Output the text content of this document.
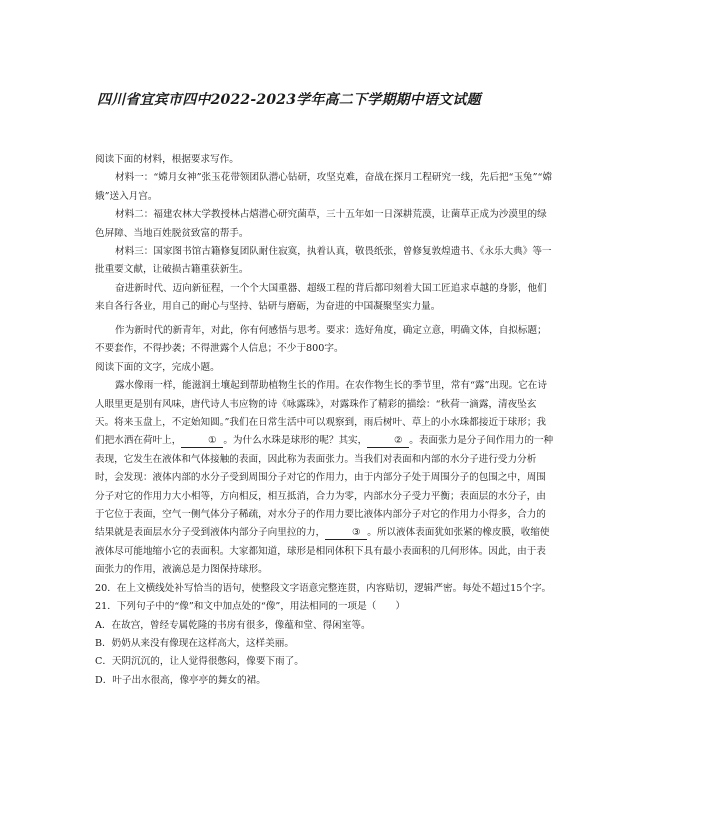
四川省宜宾市四中2022-2023学年高二下学期期中语文试题

阅读下面的材料，根据要求写作。

材料一：“嫦月女神”张玉花带领团队潜心钻研，攻坚克难，奋战在探月工程研究一线，先后把“玉兔”“嫦娥”送入月宫。

材料二：福建农林大学教授林占熺潜心研究菌草，三十五年如一日深耕荒漠，让菌草正成为沙漠里的绿色屏障、当地百姓脱贫致富的帮手。

材料三：国家图书馆古籍修复团队耐住寂寞，执着认真，敬畏纸张，曾修复敦煌遗书、《永乐大典》等一批重要文献，让破损古籍重获新生。

奋进新时代、迈向新征程，一个个大国重器、超级工程的背后都印刻着大国工匠追求卓越的身影，他们来自各行各业，用自己的耐心与坚持、钻研与磨砺，为奋进的中国凝聚坚实力量。

作为新时代的新青年，对此，你有何感悟与思考。要求：选好角度，确定立意，明确文体，自拟标题；不要套作，不得抄袭；不得泄露个人信息；不少于800字。

阅读下面的文字，完成小题。

露水像雨一样，能滋润土壤起到帮助植物生长的作用。在农作物生长的季节里，常有“露”出现。它在诗人眼里更是别有风味，唐代诗人韦应物的诗《咏露珠》，对露珠作了精彩的描绘：“秋荷一滴露，清夜坠玄天。将来玉盘上，不定始知圆。”我们在日常生活中可以观察到，雨后树叶、草上的小水珠都接近于球形；我们把水洒在荷叶上，	① 。为什么水珠是球形的呢？其实，	② 。表面张力是分子间作用力的一种表现，它发生在液体和气体接触的表面，因此称为表面张力。当我们对表面和内部的水分子进行受力分析时，会发现：液体内部的水分子受到周围分子对它的作用力，由于内部分子处于周围分子的包围之中，周围分子对它的作用力大小相等，方向相反，相互抵消，合力为零，内部水分子受力平衡；表面层的水分子，由于它位于表面，空气一侧气体分子稀疏，对水分子的作用力要比液体内部分子对它的作用力小得多，合力的结果就是表面层水分子受到液体内部分子向里拉的力，	③ 。所以液体表面犹如张紧的橡皮膜，收缩使液体尽可能地缩小它的表面积。大家都知道，球形是相同体积下具有最小表面积的几何形体。因此，由于表面张力的作用，液滴总是力图保持球形。

20．在上文横线处补写恰当的语句，使整段文字语意完整连贯，内容贴切，逻辑严密。每处不超过15个字。

21．下列句子中的“像”和文中加点处的“像”，用法相同的一项是（　　）

A．在故宫，曾经专属乾隆的书房有很多，像蕴和堂、得闲室等。

B．奶奶从来没有像现在这样高大，这样美丽。

C．天阴沉沉的，让人觉得很憋闷，像要下雨了。

D．叶子出水很高，像亭亭的舞女的裙。
